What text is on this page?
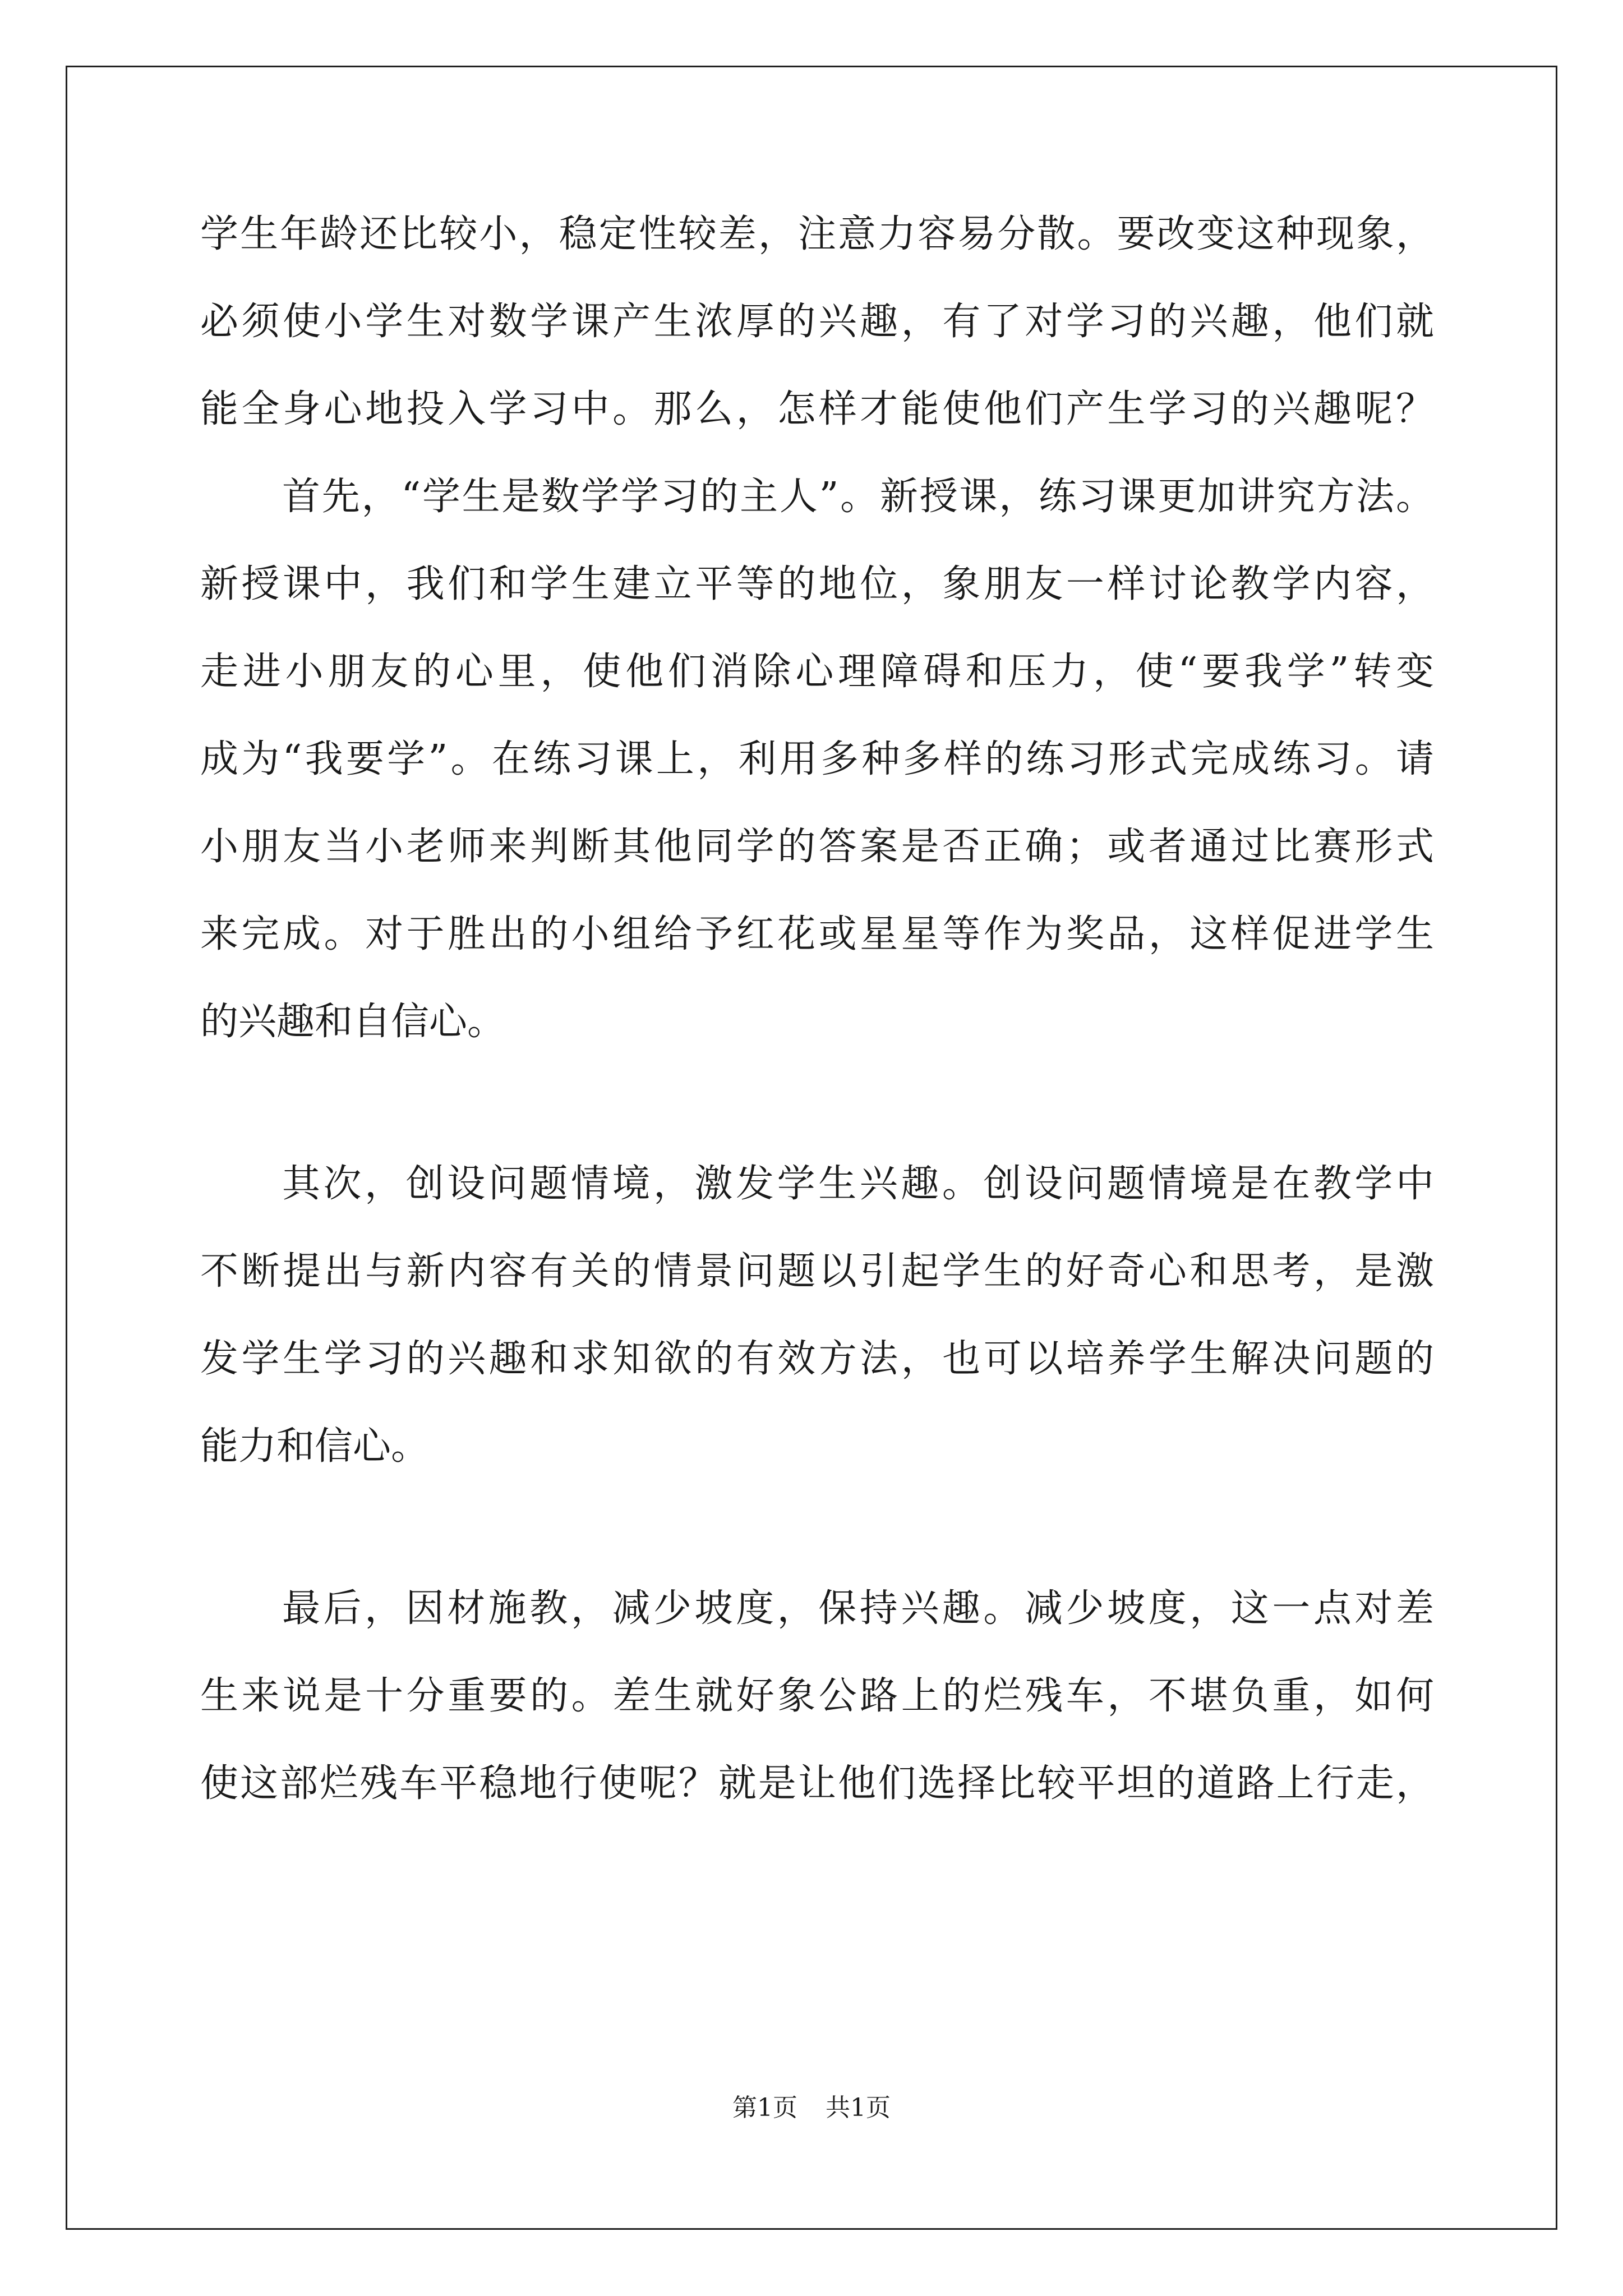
学生年龄还比较小，稳定性较差，注意力容易分散。要改变这种现象，
必须使小学生对数学课产生浓厚的兴趣，有了对学习的兴趣，他们就
能全身心地投入学习中。那么，怎样才能使他们产生学习的兴趣呢？
首先，“学生是数学学习的主人”。新授课，练习课更加讲究方法。
新授课中，我们和学生建立平等的地位，象朋友一样讨论教学内容，
走进小朋友的心里，使他们消除心理障碍和压力，使“要我学”转变
成为“我要学”。在练习课上，利用多种多样的练习形式完成练习。请
小朋友当小老师来判断其他同学的答案是否正确；或者通过比赛形式
来完成。对于胜出的小组给予红花或星星等作为奖品，这样促进学生
的兴趣和自信心。
其次，创设问题情境，激发学生兴趣。创设问题情境是在教学中
不断提出与新内容有关的情景问题以引起学生的好奇心和思考，是激
发学生学习的兴趣和求知欲的有效方法，也可以培养学生解决问题的
能力和信心。
最后，因材施教，减少坡度，保持兴趣。减少坡度，这一点对差
生来说是十分重要的。差生就好象公路上的烂残车，不堪负重，如何
使这部烂残车平稳地行使呢？就是让他们选择比较平坦的道路上行走，
第1页 共1页
